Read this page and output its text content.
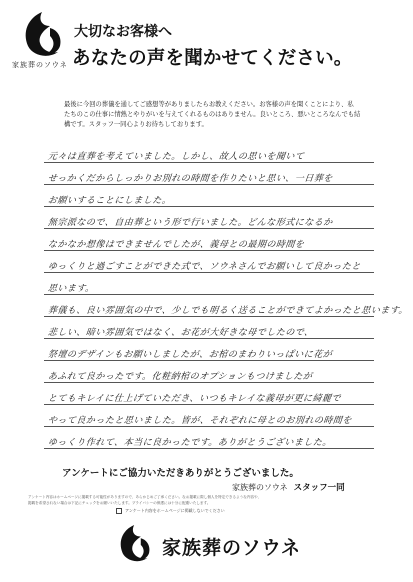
家族葬のソウネ
大切なお客様へ
あなたの声を聞かせてください。
最後に今回の葬儀を通してご感想等がありましたらお教えください。お客様の声を聞くことにより、私
たちのこの仕事に情熱とやりがいを与えてくれるものはありません。良いところ、悪いところなんでも結
構です。スタッフ一同心よりお待ちしております。
元々は直葬を考えていました。しかし、故人の思いを聞いて
せっかくだからしっかりお別れの時間を作りたいと思い、一日葬を
お願いすることにしました。
無宗派なので、自由葬という形で行いました。どんな形式になるか
なかなか想像はできませんでしたが、義母との最期の時間を
ゆっくりと過ごすことができた式で、ソウネさんでお願いして良かったと
思います。
葬儀も、良い雰囲気の中で、少しでも明るく送ることができてよかったと思います。
悲しい、暗い雰囲気ではなく、お花が大好きな母でしたので、
祭壇のデザインもお願いしましたが、お棺のまわりいっぱいに花が
あふれて良かったです。化粧納棺のオプションもつけましたが
とてもキレイに仕上げていただき、いつもキレイな義母が更に綺麗で
やって良かったと思いました。皆が、それぞれに母とのお別れの時間を
ゆっくり作れて、本当に良かったです。ありがとうございました。
アンケートにご協力いただきありがとうございました。
家族葬のソウネ スタッフ一同
アンケート内容はホームページに掲載する可能性がありますので、あらかじめご了承ください。なお掲載に際し個人を特定できるような内容や、
掲載を希望されない場合は下記にチェックをお願いいたします。プライバシーの保護には十分に配慮いたします。
アンケート内容をホームページに掲載しないでください
家族葬のソウネ
